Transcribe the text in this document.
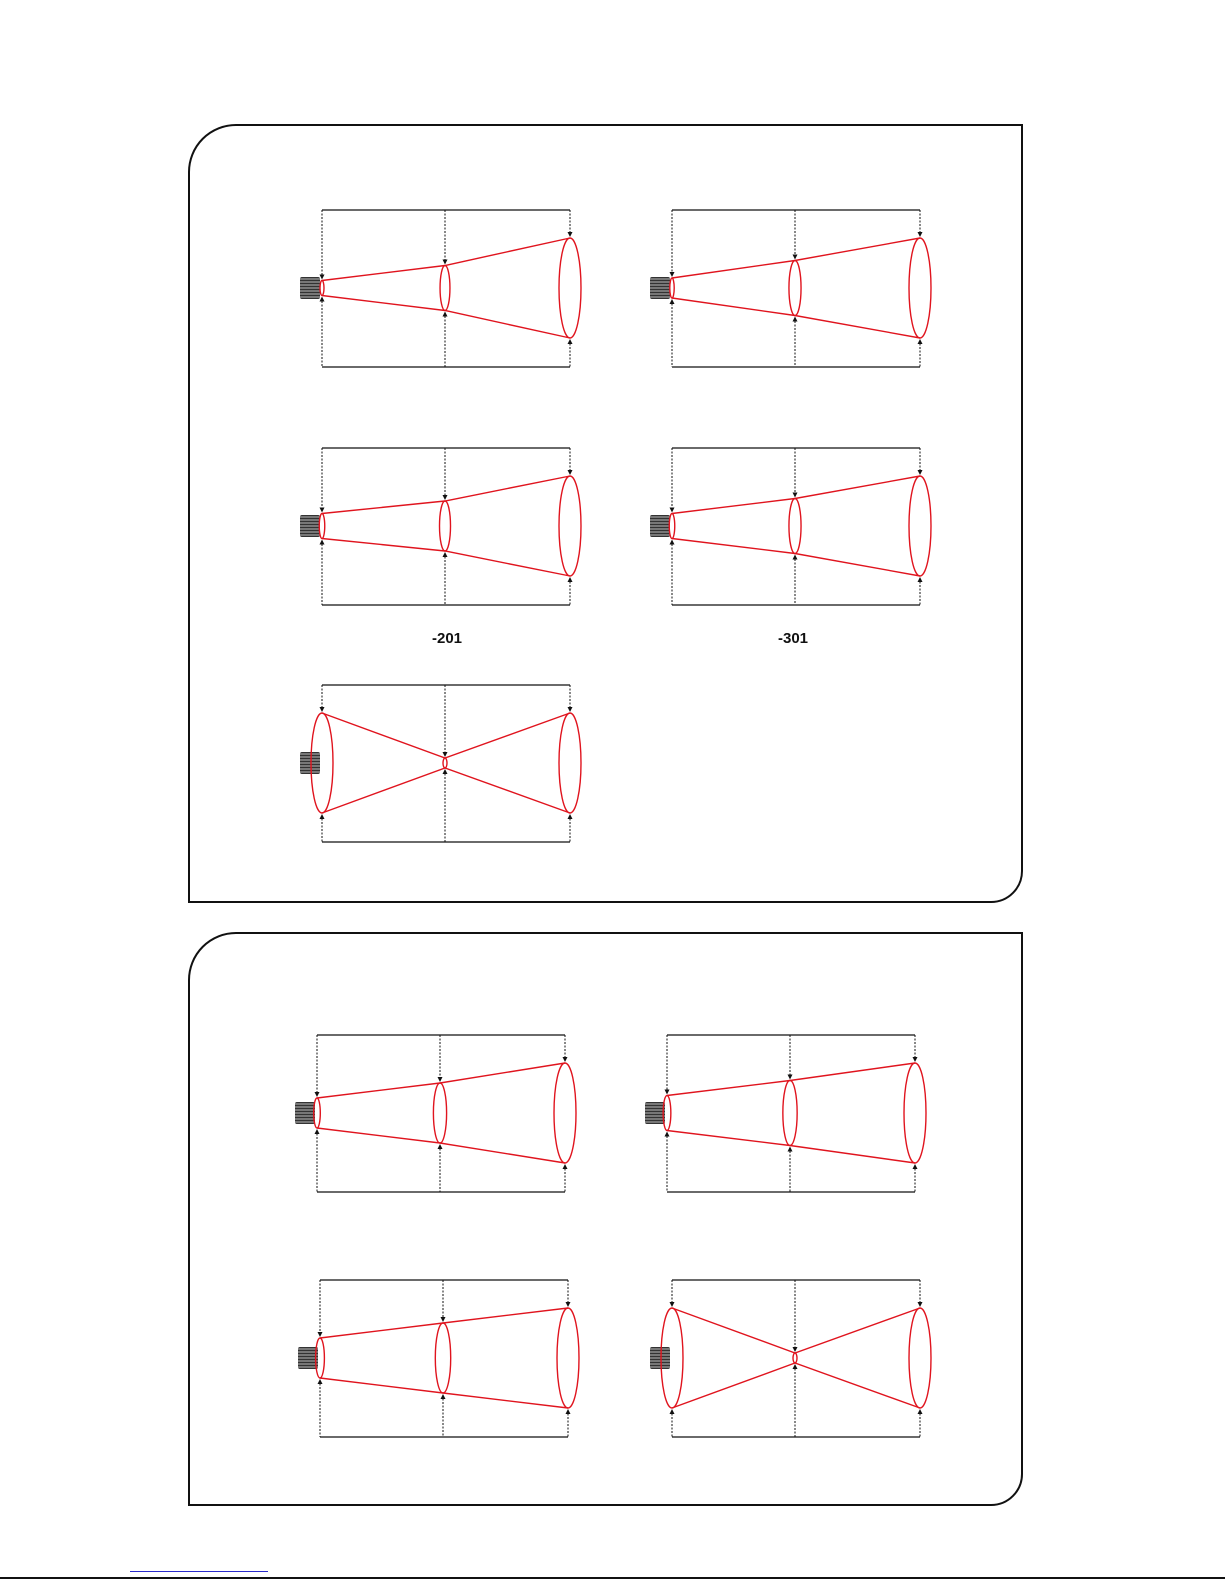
-201	-301
